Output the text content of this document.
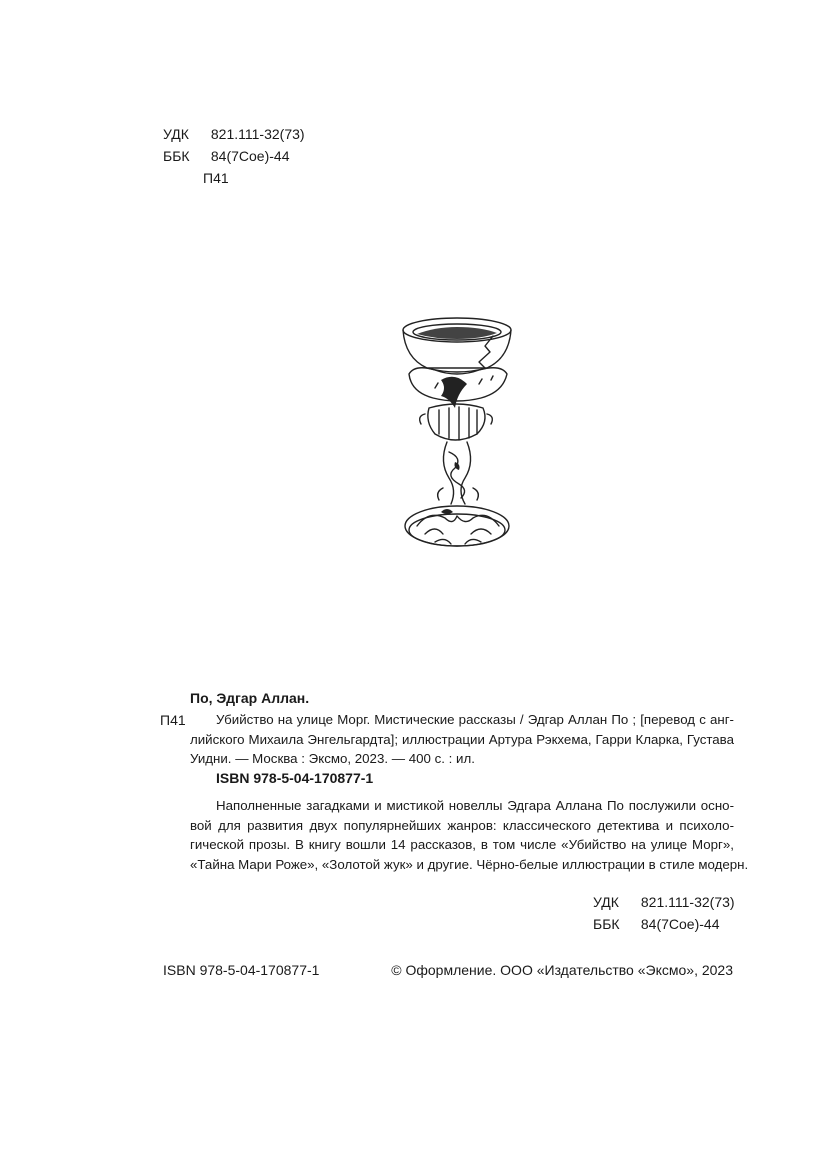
УДК 821.111-32(73)
ББК 84(7Сое)-44
П41
По, Эдгар Аллан.
П41	Убийство на улице Морг. Мистические рассказы / Эдгар Аллан По ; [перевод с анг-
лийского Михаила Энгельгардта]; иллюстрации Артура Рэкхема, Гарри Кларка, Густава
Уидни. — Москва : Эксмо, 2023. — 400 с. : ил.
ISBN 978-5-04-170877-1
Наполненные загадками и мистикой новеллы Эдгара Аллана По послужили осно-
вой для развития двух популярнейших жанров: классического детектива и психоло-
гической прозы. В книгу вошли 14 рассказов, в том числе «Убийство на улице Морг»,
«Тайна Мари Роже», «Золотой жук» и другие. Чёрно-белые иллюстрации в стиле модерн.
УДК 821.111-32(73)
ББК 84(7Сое)-44
ISBN 978-5-04-170877-1	© Оформление. ООО «Издательство «Эксмо», 2023
